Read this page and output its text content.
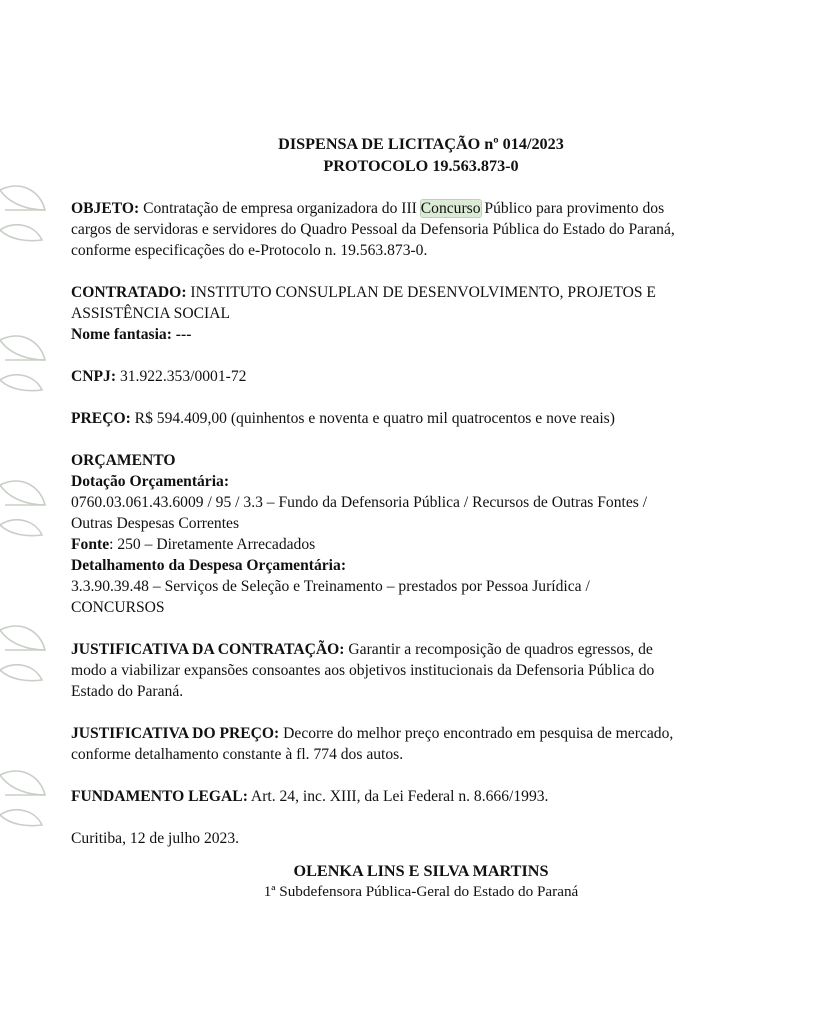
DISPENSA DE LICITAÇÃO nº 014/2023
PROTOCOLO 19.563.873-0

OBJETO: Contratação de empresa organizadora do III Concurso Público para provimento dos

cargos de servidoras e servidores do Quadro Pessoal da Defensoria Pública do Estado do Paraná,

conforme especificações do e-Protocolo n. 19.563.873-0.

CONTRATADO: INSTITUTO CONSULPLAN DE DESENVOLVIMENTO, PROJETOS E

ASSISTÊNCIA SOCIAL

Nome fantasia: ---

CNPJ: 31.922.353/0001-72

PREÇO: R$ 594.409,00 (quinhentos e noventa e quatro mil quatrocentos e nove reais)

ORÇAMENTO

Dotação Orçamentária:

0760.03.061.43.6009 / 95 / 3.3 – Fundo da Defensoria Pública / Recursos de Outras Fontes /

Outras Despesas Correntes

Fonte: 250 – Diretamente Arrecadados

Detalhamento da Despesa Orçamentária:

3.3.90.39.48 – Serviços de Seleção e Treinamento – prestados por Pessoa Jurídica /

CONCURSOS

JUSTIFICATIVA DA CONTRATAÇÃO: Garantir a recomposição de quadros egressos, de

modo a viabilizar expansões consoantes aos objetivos institucionais da Defensoria Pública do

Estado do Paraná.

JUSTIFICATIVA DO PREÇO: Decorre do melhor preço encontrado em pesquisa de mercado,

conforme detalhamento constante à fl. 774 dos autos.

FUNDAMENTO LEGAL: Art. 24, inc. XIII, da Lei Federal n. 8.666/1993.

Curitiba, 12 de julho 2023.

OLENKA LINS E SILVA MARTINS
1ª Subdefensora Pública-Geral do Estado do Paraná
